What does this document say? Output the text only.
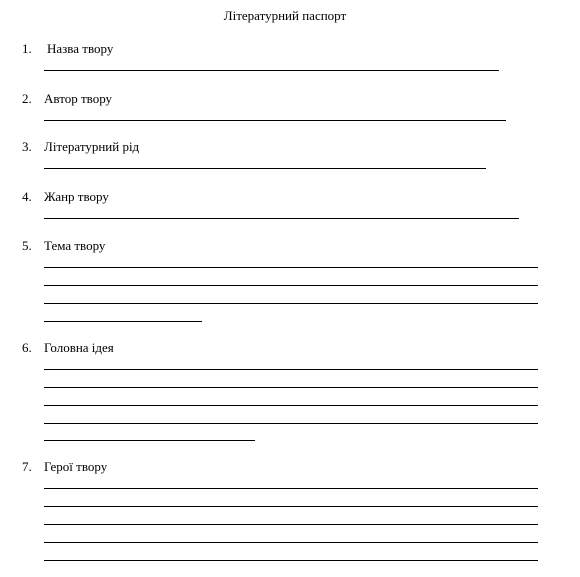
Літературний паспорт
1.	Назва твору
2. Автор твору
3. Літературний рід
4. Жанр твору
5. Тема твору
6. Головна ідея
7. Герої твору
